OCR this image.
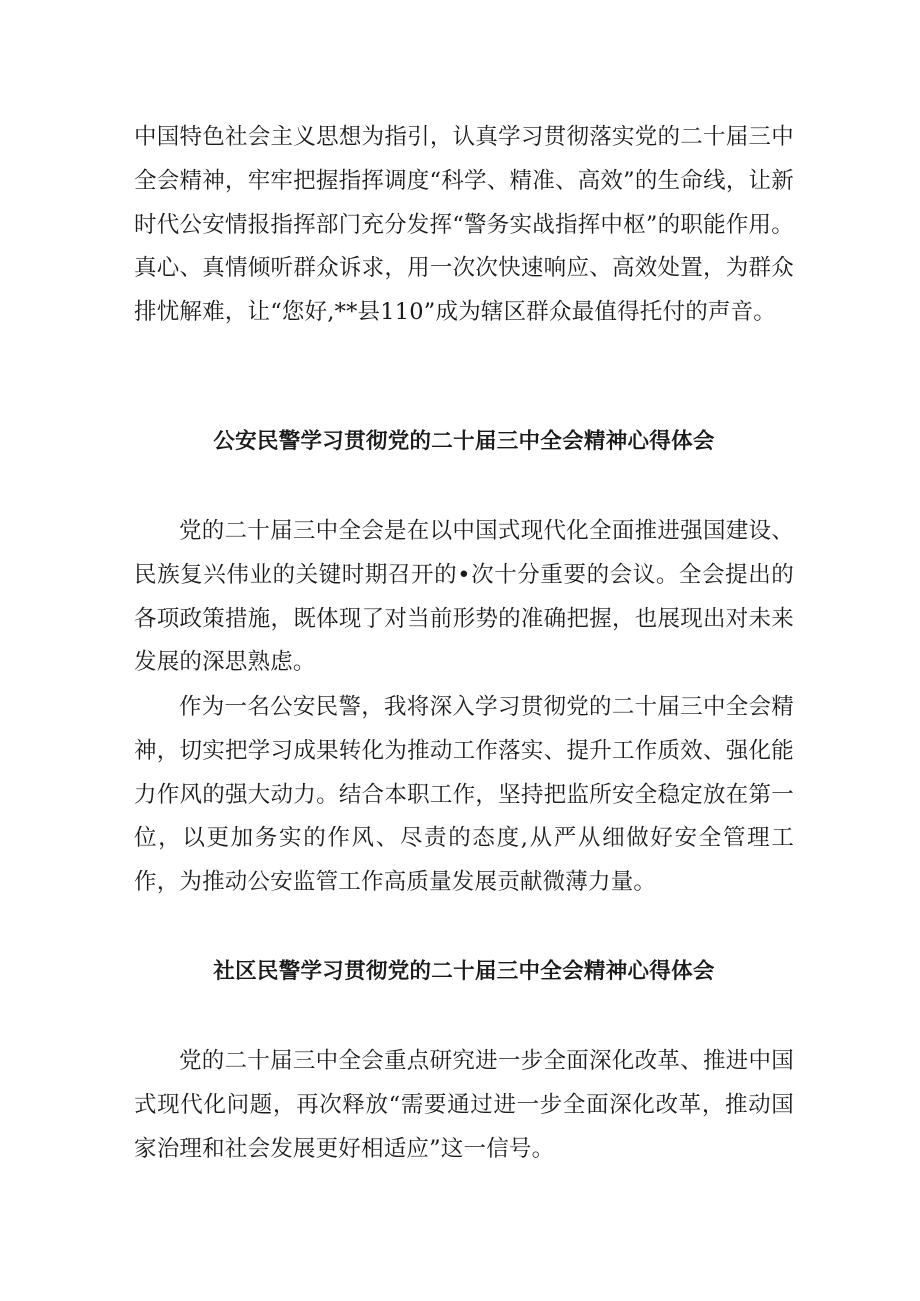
中国特色社会主义思想为指引，认真学习贯彻落实党的二十届三中全会精神，牢牢把握指挥调度“科学、精准、高效”的生命线，让新时代公安情报指挥部门充分发挥“警务实战指挥中枢”的职能作用。真心、真情倾听群众诉求，用一次次快速响应、高效处置，为群众排忧解难，让“您好,**县110”成为辖区群众最值得托付的声音。

公安民警学习贯彻党的二十届三中全会精神心得体会

党的二十届三中全会是在以中国式现代化全面推进强国建设、民族复兴伟业的关键时期召开的•次十分重要的会议。全会提出的各项政策措施，既体现了对当前形势的准确把握，也展现出对未来发展的深思熟虑。

作为一名公安民警，我将深入学习贯彻党的二十届三中全会精神，切实把学习成果转化为推动工作落实、提升工作质效、强化能力作风的强大动力。结合本职工作，坚持把监所安全稳定放在第一位，以更加务实的作风、尽责的态度,从严从细做好安全管理工作，为推动公安监管工作高质量发展贡献微薄力量。

社区民警学习贯彻党的二十届三中全会精神心得体会

党的二十届三中全会重点研究进一步全面深化改革、推进中国式现代化问题，再次释放“需要通过进一步全面深化改革，推动国家治理和社会发展更好相适应”这一信号。
